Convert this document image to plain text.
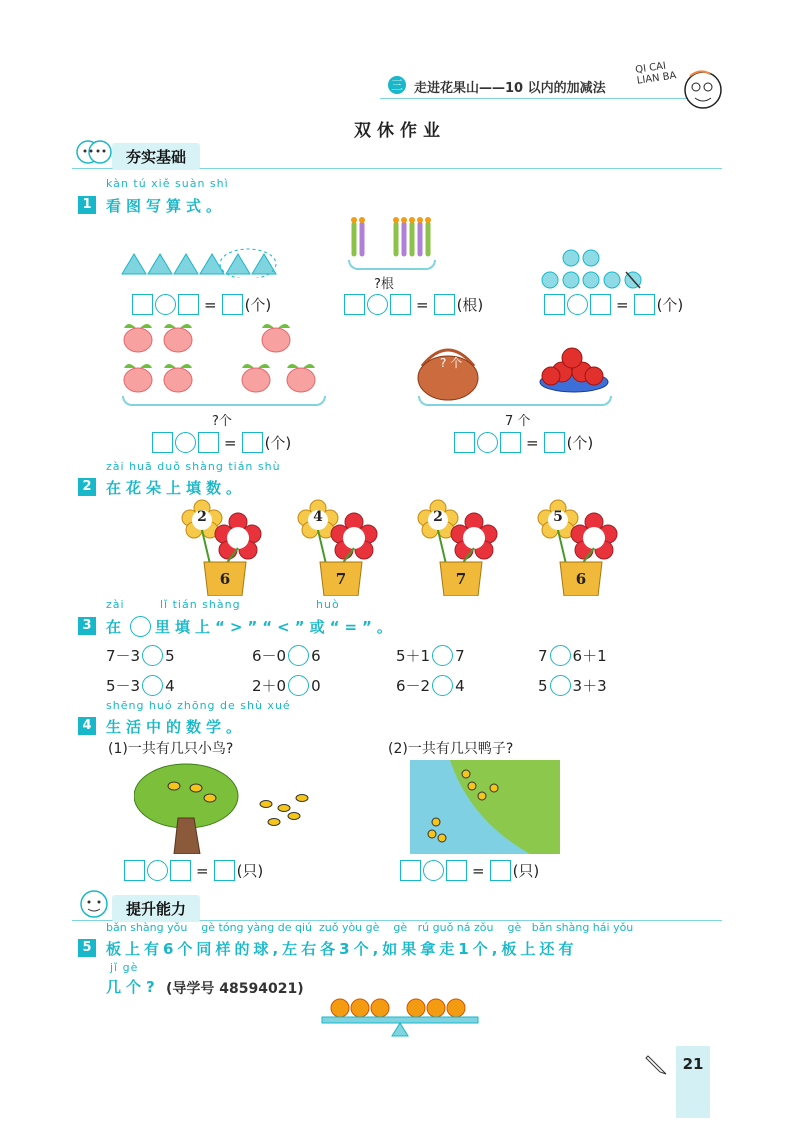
三 走进花果山——10 以内的加减法
QI CAI LIAN BA
双休作业
夯实基础
kàn tú xiě suàn shì
1 看图写算式。
= (个)
?根
= (根)	= (个)
?个
= (个)
? 个
7 个
= (个)
zài huā duǒ shàng tián shù
2 在花朵上填数。
2
6
4
7
2
7
5
6
zài	lǐ tián shàng	huò
3 在 里填上“>”“<”或“=”。
7－3 5	6－0 6	5＋1 7	7 6＋1
5－3 4	2＋0 0	6－2 4	5 3＋3
shēng huó zhōng de shù xué
4 生活中的数学。
(1)一共有几只小鸟?	(2)一共有几只鸭子?
= (只)	= (只)
提升能力
bǎn shàng yǒu    gè tóng yàng de qiú  zuǒ yòu gè    gè   rú guǒ ná zǒu    gè   bǎn shàng hái yǒu
5 板上有6个同样的球,左右各3个,如果拿走1个,板上还有
jǐ gè
几个? (导学号 48594021)
21
